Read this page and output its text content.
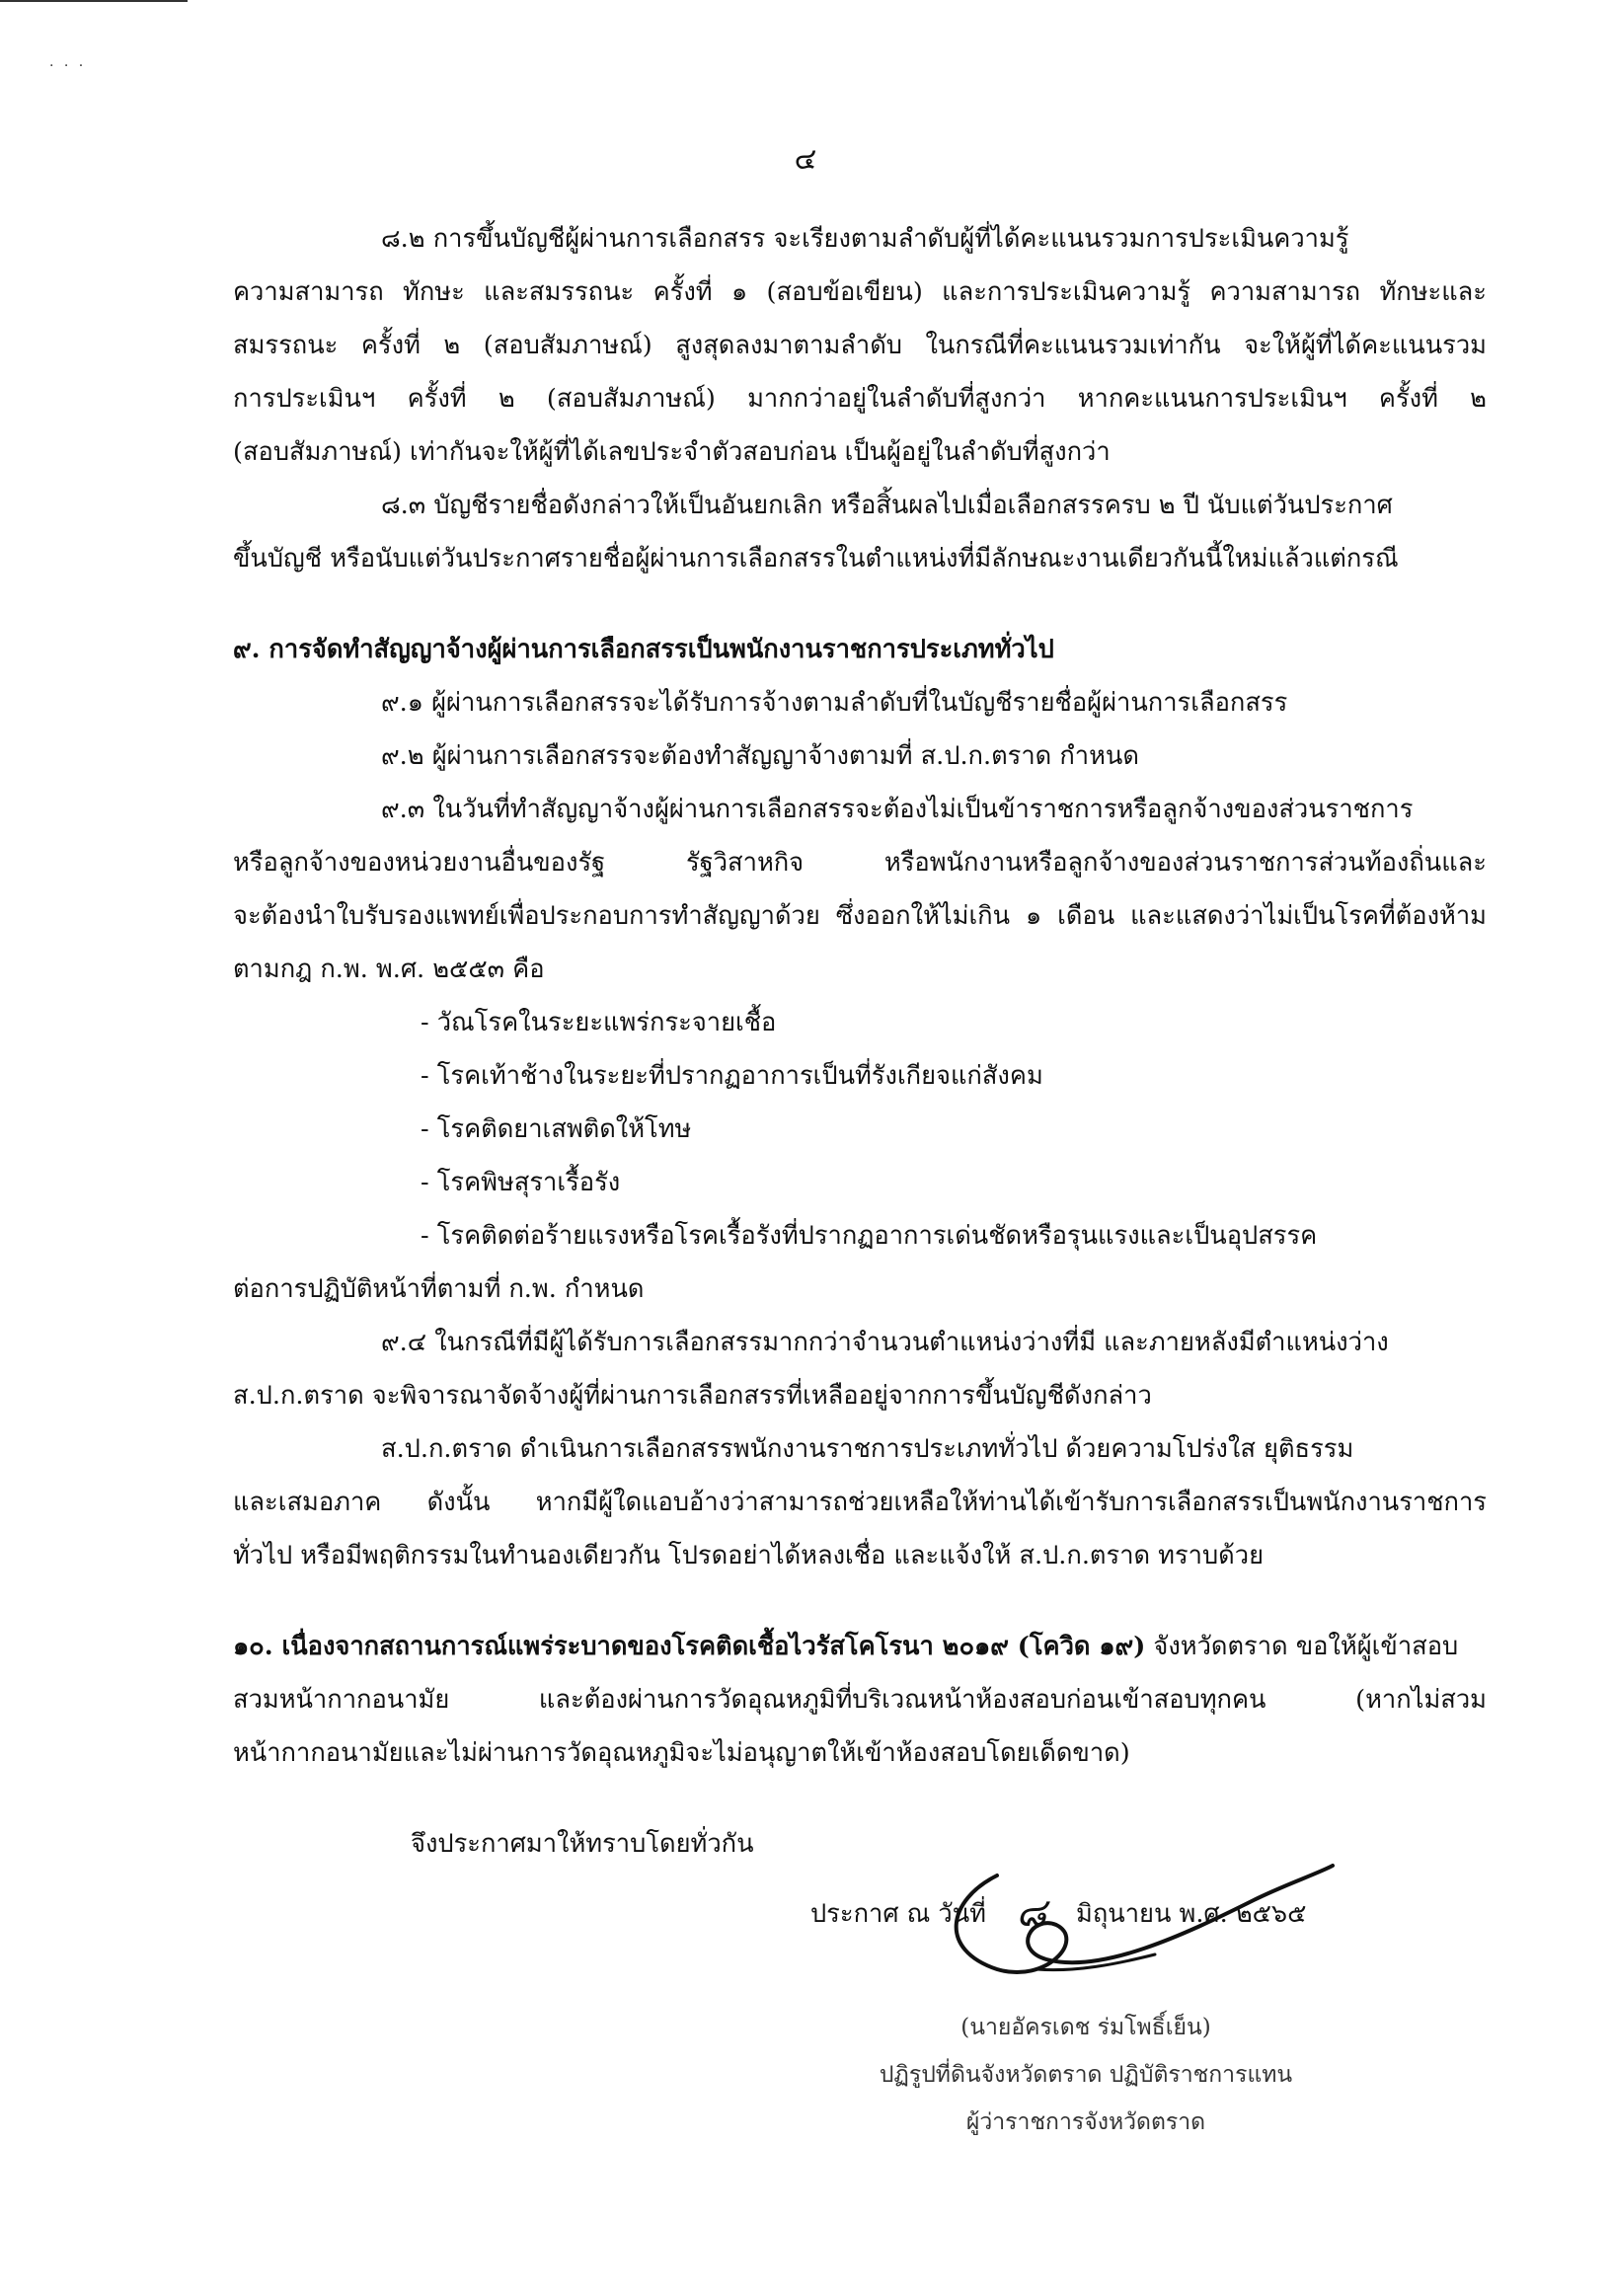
. . .
๔
๘.๒ การขึ้นบัญชีผู้ผ่านการเลือกสรร จะเรียงตามลำดับผู้ที่ได้คะแนนรวมการประเมินความรู้
ความสามารถ ทักษะ และสมรรถนะ ครั้งที่ ๑ (สอบข้อเขียน) และการประเมินความรู้ ความสามารถ ทักษะและ
สมรรถนะ ครั้งที่ ๒ (สอบสัมภาษณ์) สูงสุดลงมาตามลำดับ ในกรณีที่คะแนนรวมเท่ากัน จะให้ผู้ที่ได้คะแนนรวม
การประเมินฯ ครั้งที่ ๒ (สอบสัมภาษณ์) มากกว่าอยู่ในลำดับที่สูงกว่า หากคะแนนการประเมินฯ ครั้งที่ ๒
(สอบสัมภาษณ์) เท่ากันจะให้ผู้ที่ได้เลขประจำตัวสอบก่อน เป็นผู้อยู่ในลำดับที่สูงกว่า
๘.๓ บัญชีรายชื่อดังกล่าวให้เป็นอันยกเลิก หรือสิ้นผลไปเมื่อเลือกสรรครบ ๒ ปี นับแต่วันประกาศ
ขึ้นบัญชี หรือนับแต่วันประกาศรายชื่อผู้ผ่านการเลือกสรรในตำแหน่งที่มีลักษณะงานเดียวกันนี้ใหม่แล้วแต่กรณี
๙. การจัดทำสัญญาจ้างผู้ผ่านการเลือกสรรเป็นพนักงานราชการประเภททั่วไป
๙.๑ ผู้ผ่านการเลือกสรรจะได้รับการจ้างตามลำดับที่ในบัญชีรายชื่อผู้ผ่านการเลือกสรร
๙.๒ ผู้ผ่านการเลือกสรรจะต้องทำสัญญาจ้างตามที่ ส.ป.ก.ตราด กำหนด
๙.๓ ในวันที่ทำสัญญาจ้างผู้ผ่านการเลือกสรรจะต้องไม่เป็นข้าราชการหรือลูกจ้างของส่วนราชการ
หรือลูกจ้างของหน่วยงานอื่นของรัฐ รัฐวิสาหกิจ หรือพนักงานหรือลูกจ้างของส่วนราชการส่วนท้องถิ่นและ
จะต้องนำใบรับรองแพทย์เพื่อประกอบการทำสัญญาด้วย ซึ่งออกให้ไม่เกิน ๑ เดือน และแสดงว่าไม่เป็นโรคที่ต้องห้าม
ตามกฎ ก.พ. พ.ศ. ๒๕๕๓ คือ
- วัณโรคในระยะแพร่กระจายเชื้อ
- โรคเท้าช้างในระยะที่ปรากฏอาการเป็นที่รังเกียจแก่สังคม
- โรคติดยาเสพติดให้โทษ
- โรคพิษสุราเรื้อรัง
- โรคติดต่อร้ายแรงหรือโรคเรื้อรังที่ปรากฏอาการเด่นชัดหรือรุนแรงและเป็นอุปสรรค
ต่อการปฏิบัติหน้าที่ตามที่ ก.พ. กำหนด
๙.๔ ในกรณีที่มีผู้ได้รับการเลือกสรรมากกว่าจำนวนตำแหน่งว่างที่มี และภายหลังมีตำแหน่งว่าง
ส.ป.ก.ตราด จะพิจารณาจัดจ้างผู้ที่ผ่านการเลือกสรรที่เหลืออยู่จากการขึ้นบัญชีดังกล่าว
ส.ป.ก.ตราด ดำเนินการเลือกสรรพนักงานราชการประเภททั่วไป ด้วยความโปร่งใส ยุติธรรม
และเสมอภาค ดังนั้น หากมีผู้ใดแอบอ้างว่าสามารถช่วยเหลือให้ท่านได้เข้ารับการเลือกสรรเป็นพนักงานราชการ
ทั่วไป หรือมีพฤติกรรมในทำนองเดียวกัน โปรดอย่าได้หลงเชื่อ และแจ้งให้ ส.ป.ก.ตราด ทราบด้วย
๑๐. เนื่องจากสถานการณ์แพร่ระบาดของโรคติดเชื้อไวรัสโคโรนา ๒๐๑๙ (โควิด ๑๙) จังหวัดตราด ขอให้ผู้เข้าสอบ
สวมหน้ากากอนามัย และต้องผ่านการวัดอุณหภูมิที่บริเวณหน้าห้องสอบก่อนเข้าสอบทุกคน (หากไม่สวม
หน้ากากอนามัยและไม่ผ่านการวัดอุณหภูมิจะไม่อนุญาตให้เข้าห้องสอบโดยเด็ดขาด)
จึงประกาศมาให้ทราบโดยทั่วกัน
ประกาศ ณ วันที่ ๘ มิถุนายน พ.ศ. ๒๕๖๕
(นายอัครเดช ร่มโพธิ์เย็น)
ปฏิรูปที่ดินจังหวัดตราด ปฏิบัติราชการแทน
ผู้ว่าราชการจังหวัดตราด
